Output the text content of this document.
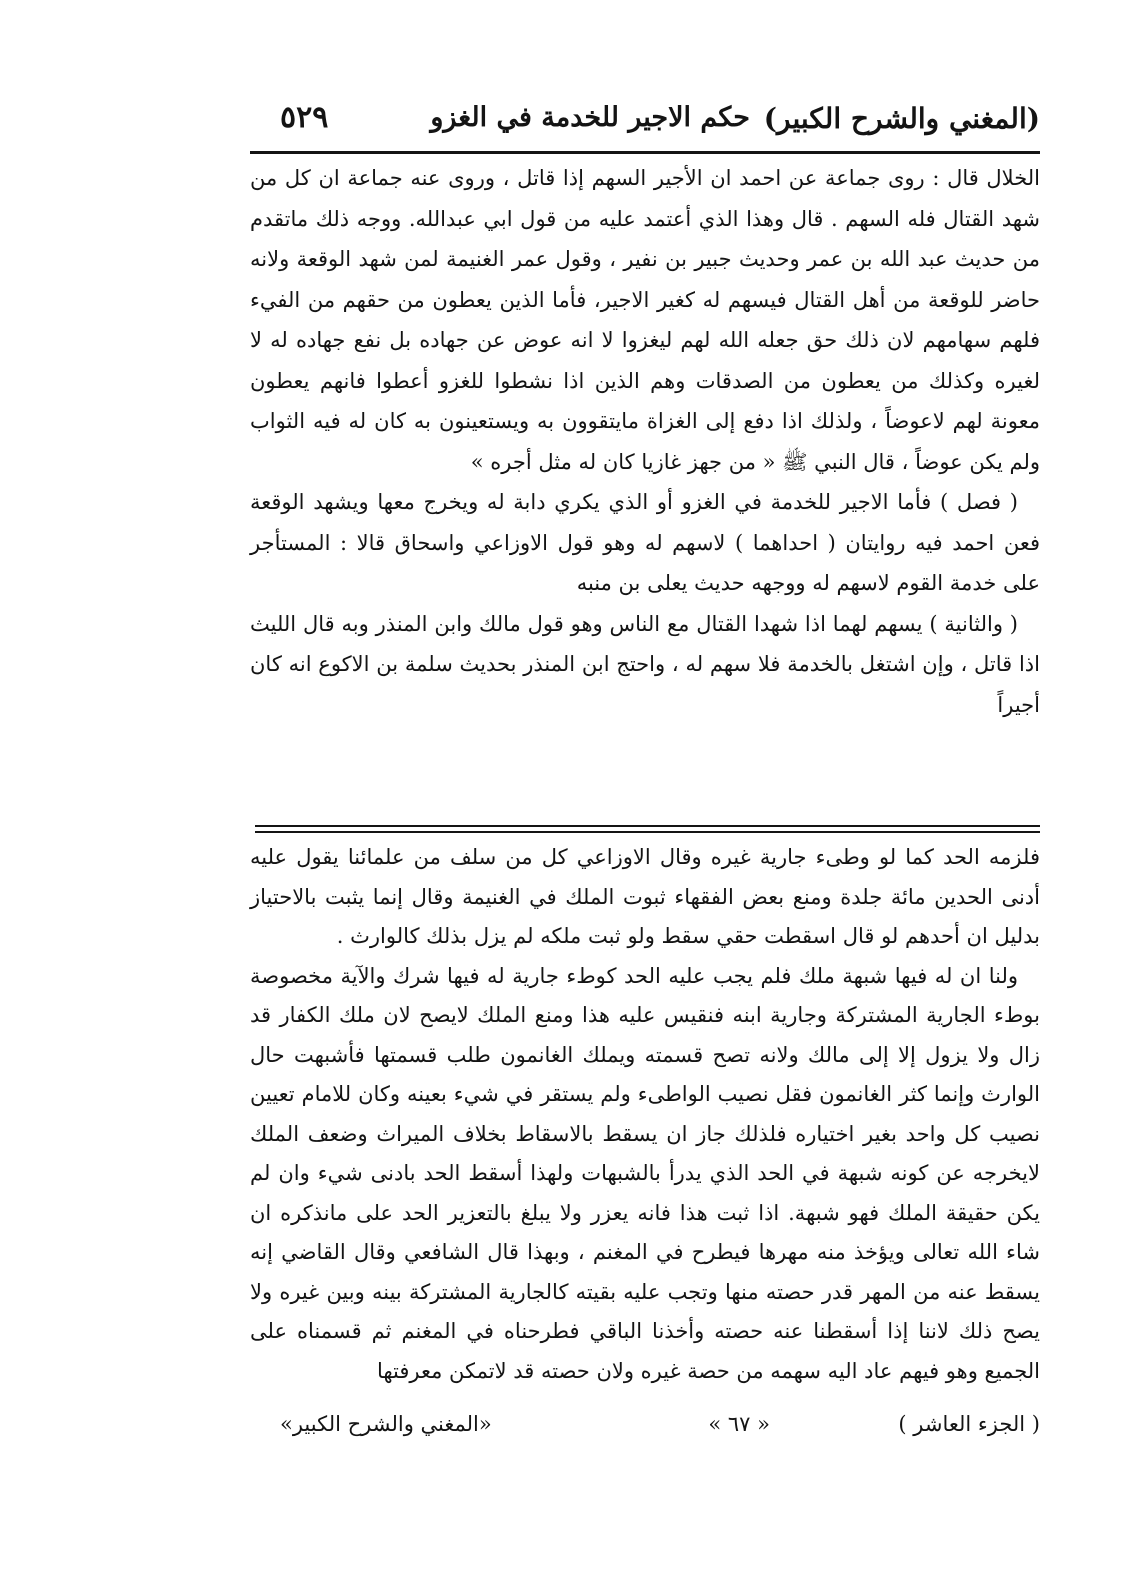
(المغني والشرح الكبير)
حكم الاجير للخدمة في الغزو
٥٢٩

الخلال قال : روى جماعة عن احمد ان الأجير السهم إذا قاتل ، وروى عنه جماعة ان كل من شهد القتال فله السهم . قال وهذا الذي أعتمد عليه من قول ابي عبدالله. ووجه ذلك ماتقدم من حديث عبد الله بن عمر وحديث جبير بن نفير ، وقول عمر الغنيمة لمن شهد الوقعة ولانه حاضر للوقعة من أهل القتال فيسهم له كغير الاجير، فأما الذين يعطون من حقهم من الفيء فلهم سهامهم لان ذلك حق جعله الله لهم ليغزوا لا انه عوض عن جهاده بل نفع جهاده له لا لغيره وكذلك من يعطون من الصدقات وهم الذين اذا نشطوا للغزو أعطوا فانهم يعطون معونة لهم لاعوضاً ، ولذلك اذا دفع إلى الغزاة مايتقوون به ويستعينون به كان له فيه الثواب ولم يكن عوضاً ، قال النبي ﷺ « من جهز غازيا كان له مثل أجره »

( فصل ) فأما الاجير للخدمة في الغزو أو الذي يكري دابة له ويخرج معها ويشهد الوقعة فعن احمد فيه روايتان ( احداهما ) لاسهم له وهو قول الاوزاعي واسحاق قالا : المستأجر على خدمة القوم لاسهم له ووجهه حديث يعلى بن منبه

( والثانية ) يسهم لهما اذا شهدا القتال مع الناس وهو قول مالك وابن المنذر وبه قال الليث اذا قاتل ، وإن اشتغل بالخدمة فلا سهم له ، واحتج ابن المنذر بحديث سلمة بن الاكوع انه كان أجيراً

فلزمه الحد كما لو وطىء جارية غيره وقال الاوزاعي كل من سلف من علمائنا يقول عليه أدنى الحدين مائة جلدة ومنع بعض الفقهاء ثبوت الملك في الغنيمة وقال إنما يثبت بالاحتياز بدليل ان أحدهم لو قال اسقطت حقي سقط ولو ثبت ملكه لم يزل بذلك كالوارث .

ولنا ان له فيها شبهة ملك فلم يجب عليه الحد كوطء جارية له فيها شرك والآية مخصوصة بوطء الجارية المشتركة وجارية ابنه فنقيس عليه هذا ومنع الملك لايصح لان ملك الكفار قد زال ولا يزول إلا إلى مالك ولانه تصح قسمته ويملك الغانمون طلب قسمتها فأشبهت حال الوارث وإنما كثر الغانمون فقل نصيب الواطىء ولم يستقر في شيء بعينه وكان للامام تعيين نصيب كل واحد بغير اختياره فلذلك جاز ان يسقط بالاسقاط بخلاف الميراث وضعف الملك لايخرجه عن كونه شبهة في الحد الذي يدرأ بالشبهات ولهذا أسقط الحد بادنى شيء وان لم يكن حقيقة الملك فهو شبهة. اذا ثبت هذا فانه يعزر ولا يبلغ بالتعزير الحد على مانذكره ان شاء الله تعالى ويؤخذ منه مهرها فيطرح في المغنم ، وبهذا قال الشافعي وقال القاضي إنه يسقط عنه من المهر قدر حصته منها وتجب عليه بقيته كالجارية المشتركة بينه وبين غيره ولا يصح ذلك لاننا إذا أسقطنا عنه حصته وأخذنا الباقي فطرحناه في المغنم ثم قسمناه على الجميع وهو فيهم عاد اليه سهمه من حصة غيره ولان حصته قد لاتمكن معرفتها

( الجزء العاشر )
« ٦٧ »
«المغني والشرح الكبير»
